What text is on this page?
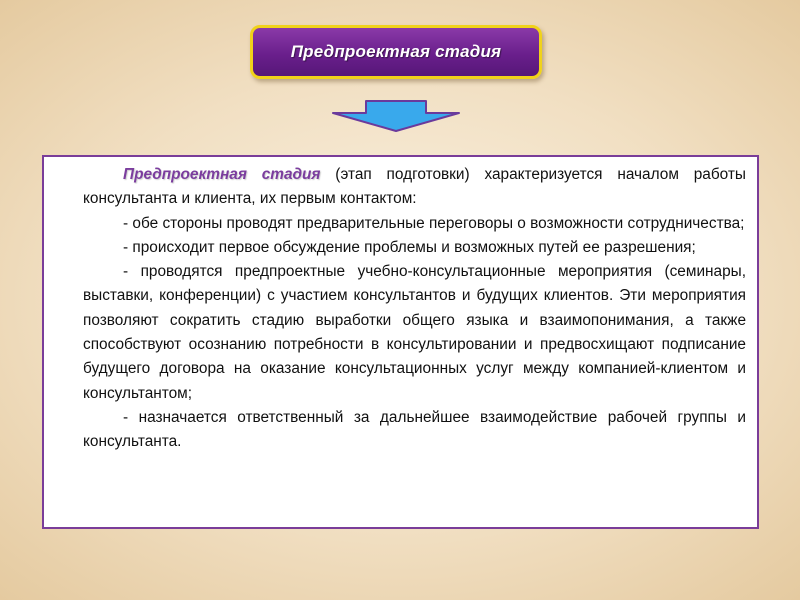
Предпроектная стадия

Предпроектная стадия (этап подготовки) характеризуется началом работы консультанта и клиента, их первым контактом:

- обе стороны проводят предварительные переговоры о возможности сотрудничества;

- происходит первое обсуждение проблемы и возможных путей ее разрешения;

- проводятся предпроектные учебно-консультационные мероприятия (семинары, выставки, конференции) с участием консультантов и будущих клиентов. Эти мероприятия позволяют сократить стадию выработки общего языка и взаимопонимания, а также способствуют осознанию потребности в консультировании и предвосхищают подписание будущего договора на оказание консультационных услуг между компанией-клиентом и консультантом;

- назначается ответственный за дальнейшее взаимодействие рабочей группы и консультанта.
